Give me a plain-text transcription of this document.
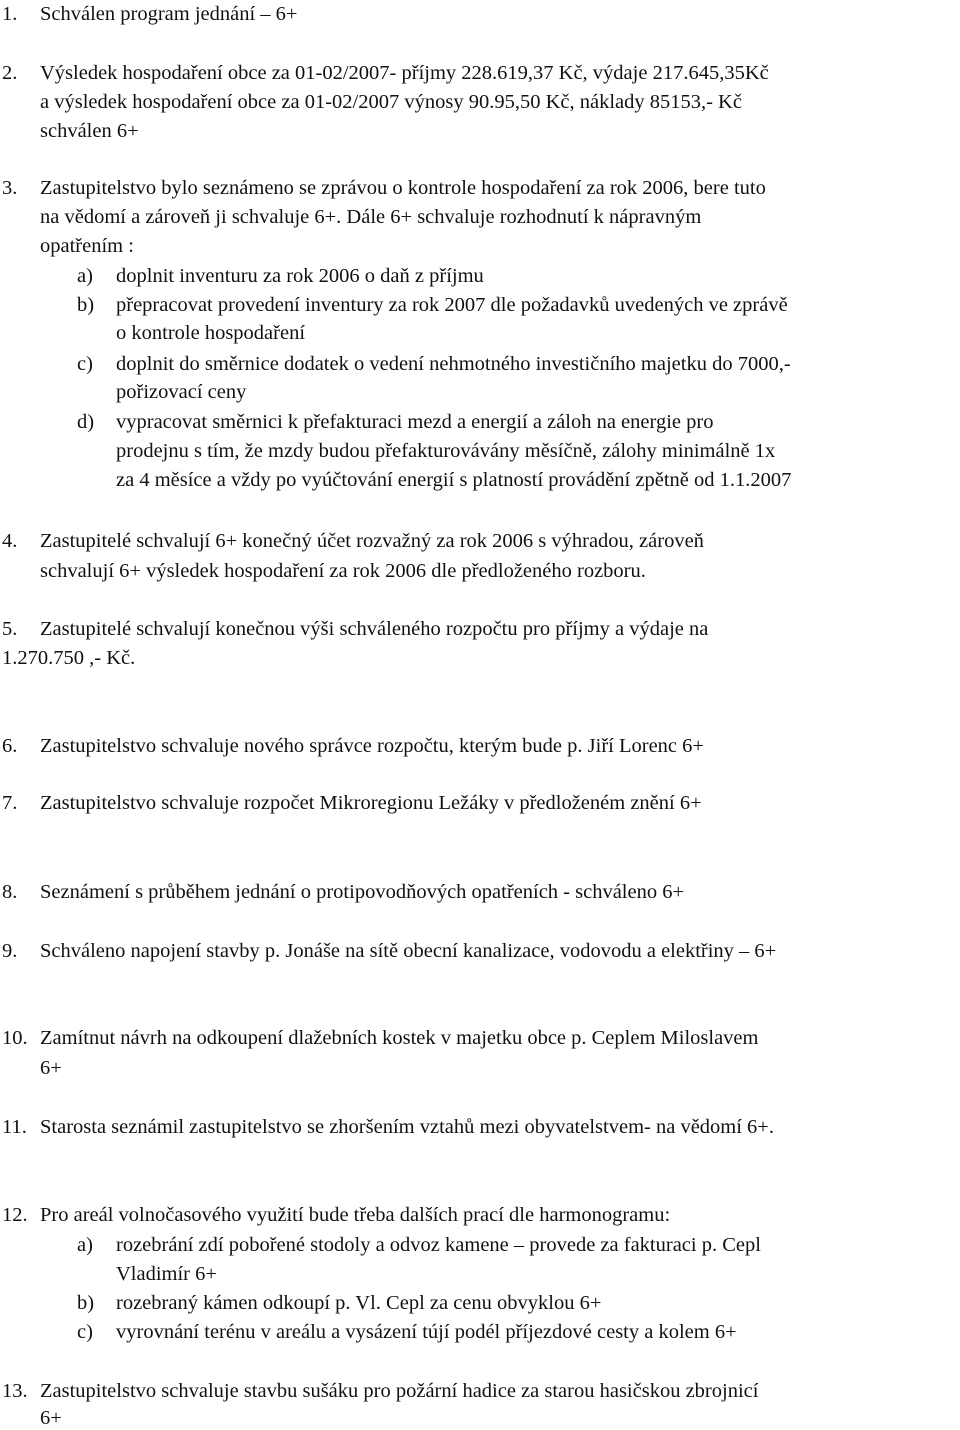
1. Schválen program jednání – 6+
2. Výsledek hospodaření obce za 01-02/2007- příjmy 228.619,37 Kč, výdaje 217.645,35Kč
a výsledek hospodaření obce za 01-02/2007 výnosy 90.95,50 Kč, náklady 85153,- Kč
schválen 6+
3. Zastupitelstvo bylo seznámeno se zprávou o kontrole hospodaření za rok 2006, bere tuto
na vědomí a zároveň ji schvaluje 6+. Dále 6+ schvaluje rozhodnutí k nápravným
opatřením :
a) doplnit inventuru za rok 2006 o daň z příjmu
b) přepracovat provedení inventury za rok 2007 dle požadavků uvedených ve zprávě
o kontrole hospodaření
c) doplnit do směrnice dodatek o vedení nehmotného investičního majetku do 7000,-
pořizovací ceny
d) vypracovat směrnici k přefakturaci mezd a energií a záloh na energie pro
prodejnu s tím, že mzdy budou přefakturovávány měsíčně, zálohy minimálně 1x
za 4 měsíce a vždy po vyúčtování energií s platností provádění zpětně od 1.1.2007
4. Zastupitelé schvalují 6+ konečný účet rozvažný za rok 2006 s výhradou, zároveň
schvalují 6+ výsledek hospodaření za rok 2006 dle předloženého rozboru.
5. Zastupitelé schvalují konečnou výši schváleného rozpočtu pro příjmy a výdaje na
1.270.750 ,- Kč.
6. Zastupitelstvo schvaluje nového správce rozpočtu, kterým bude p. Jiří Lorenc 6+
7. Zastupitelstvo schvaluje rozpočet Mikroregionu Ležáky v předloženém znění 6+
8. Seznámení s průběhem jednání o protipovodňových opatřeních - schváleno 6+
9. Schváleno napojení stavby p. Jonáše na sítě obecní kanalizace, vodovodu a elektřiny – 6+
10. Zamítnut návrh na odkoupení dlažebních kostek v majetku obce p. Ceplem Miloslavem
6+
11. Starosta seznámil zastupitelstvo se zhoršením vztahů mezi obyvatelstvem- na vědomí 6+.
12. Pro areál volnočasového využití bude třeba dalších prací dle harmonogramu:
a) rozebrání zdí pobořené stodoly a odvoz kamene – provede za fakturaci p. Cepl
Vladimír 6+
b) rozebraný kámen odkoupí p. Vl. Cepl za cenu obvyklou 6+
c) vyrovnání terénu v areálu a vysázení tújí podél příjezdové cesty a kolem 6+
13. Zastupitelstvo schvaluje stavbu sušáku pro požární hadice za starou hasičskou zbrojnicí
6+
